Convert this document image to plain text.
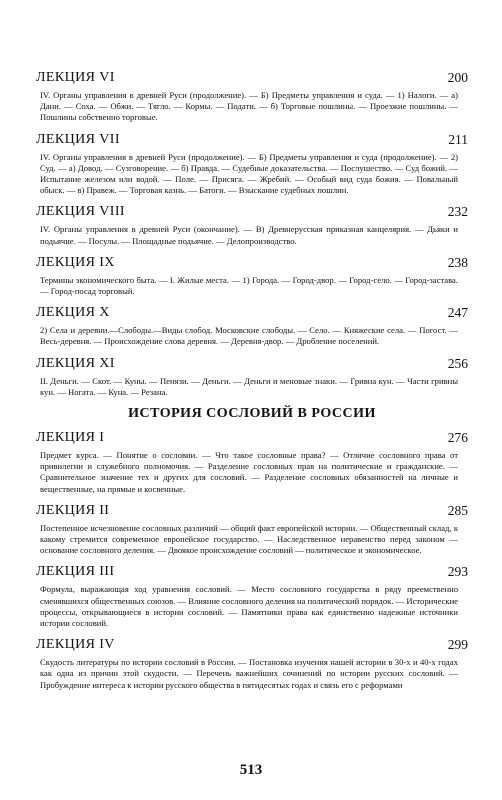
ЛЕКЦИЯ VI	200
IV. Органы управления в древней Руси (продолжение). — Б) Предметы управления и суда. — 1) Налоги. — а) Дани. — Соха. — Обжи. — Тягло. — Кормы. — Подати. — б) Торговые пошлины. — Проезжие пошлины. — Пошлины собственно торговые.
ЛЕКЦИЯ VII	211
IV. Органы управления в древней Руси (продолжение). — Б) Предметы управления и суда (продолжение). — 2) Суд. — а) Довод. — Сузговорение. — б) Правда. — Судебные доказательства. — Послушество. — Суд божий. — Испытание железом или водой. — Поле. — Присяга. — Жребий. — Особый вид суда божия. — Повальный обыск. — в) Правеж. — Торговая казнь. — Батоги. — Взыскание судебных пошлин.
ЛЕКЦИЯ VIII	232
IV. Органы управления в древней Руси (окончание). — В) Древнерусская приказная канцелярия. — Дьяки и подьячие. — Посулы. — Площадные подьячие. — Делопроизводство.
ЛЕКЦИЯ IX	238
Термины экономического быта. — I. Жилые места. — 1) Города. — Город-двор. — Город-село. — Город-застава. — Город-посад торговый.
ЛЕКЦИЯ X	247
2) Села и деревни.—Слободы.—Виды слобод. Московские слободы. — Село. — Княжеские села. — Погост. — Весь-деревня. — Происхождение слова деревня. — Деревня-двор. — Дробление поселений.
ЛЕКЦИЯ XI	256
II. Деньги. — Скот. — Куны. — Пенязи. — Деньги. — Деньги и меновые знаки. — Гривна кун. — Части гривны кун. — Ногата. — Куна. — Резана.
ИСТОРИЯ СОСЛОВИЙ В РОССИИ
ЛЕКЦИЯ I	276
Предмет курса. — Понятие о сословии. — Что такое сословные права? — Отличие сословного права от привилегии и служебного полномочия. — Разделение сословных прав на политические и гражданские. — Сравнительное значение тех и других для сословий. — Разделение сословных обязанностей на личные и вещественные, на прямые и косвенные.
ЛЕКЦИЯ II	285
Постепенное исчезновение сословных различий — общий факт европейской истории. — Общественный склад, к какому стремится современное европейское государство. — Наследственное неравенство перед законом — основание сословного деления. — Двоякое происхождение сословий — политическое и экономическое.
ЛЕКЦИЯ III	293
Формула, выражающая ход уравнения сословий. — Место сословного государства в ряду преемственно сменявшихся общественных союзов. — Влияние сословного деления на политический порядок. — Исторические процессы, открывающиеся в истории сословий. — Памятники права как единственно надежные источники истории сословий.
ЛЕКЦИЯ IV	299
Скудость литературы по истории сословий в России. — Постановка изучения нашей истории в 30-х и 40-х годах как одна из причин этой скудости. — Перечень важнейших сочинений по истории русских сословий. — Пробуждение интереса к истории русского общества в пятидесятых годах и связь его с реформами
513
